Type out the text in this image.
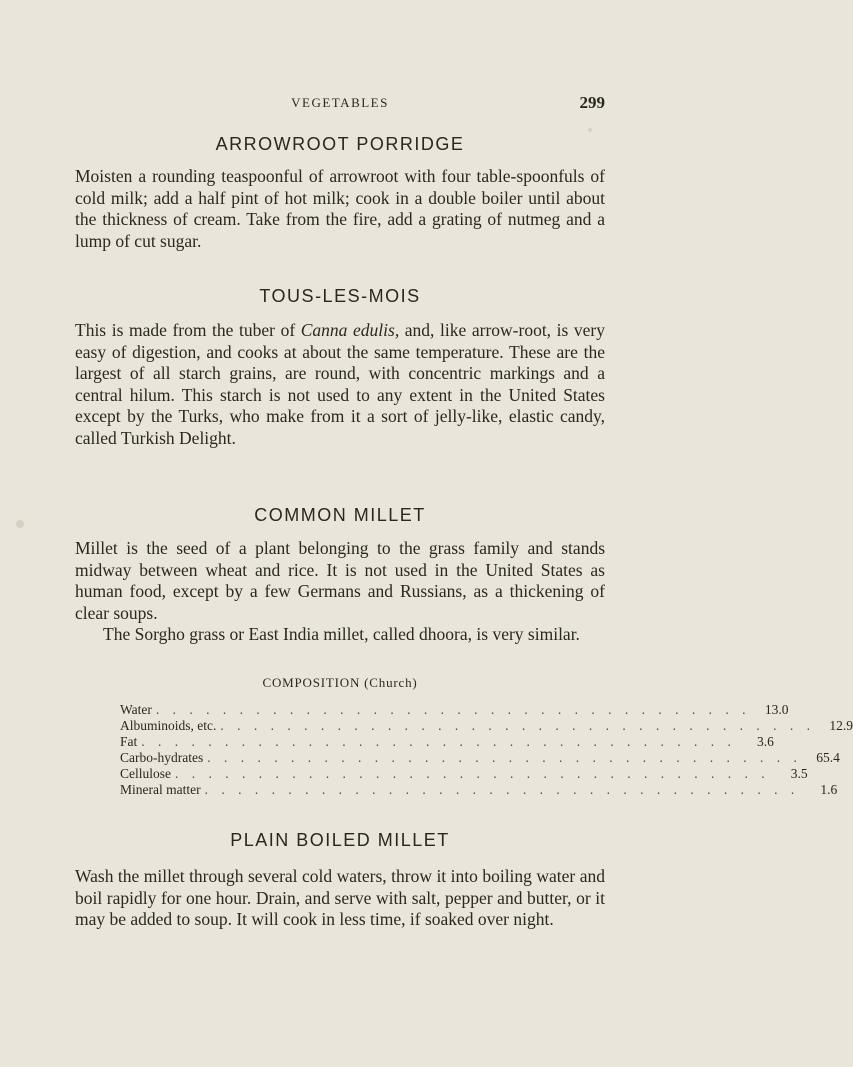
VEGETABLES	299
ARROWROOT PORRIDGE

Moisten a rounding teaspoonful of arrowroot with four table-spoonfuls of cold milk; add a half pint of hot milk; cook in a double boiler until about the thickness of cream. Take from the fire, add a grating of nutmeg and a lump of cut sugar.

TOUS-LES-MOIS

This is made from the tuber of Canna edulis, and, like arrow-root, is very easy of digestion, and cooks at about the same temperature. These are the largest of all starch grains, are round, with concentric markings and a central hilum. This starch is not used to any extent in the United States except by the Turks, who make from it a sort of jelly-like, elastic candy, called Turkish Delight.

COMMON MILLET

Millet is the seed of a plant belonging to the grass family and stands midway between wheat and rice. It is not used in the United States as human food, except by a few Germans and Russians, as a thickening of clear soups.

The Sorgho grass or East India millet, called dhoora, is very similar.

COMPOSITION (Church)
Water . . . . . . . . . . . . . . . . . . . . . . . . . . . . . . . . . . . .	13.0
Albuminoids, etc. . . . . . . . . . . . . . . . . . . . . . . . . . . . . . . . . . . . .	12.9
Fat . . . . . . . . . . . . . . . . . . . . . . . . . . . . . . . . . . . .	3.6
Carbo-hydrates . . . . . . . . . . . . . . . . . . . . . . . . . . . . . . . . . . . .	65.4
Cellulose . . . . . . . . . . . . . . . . . . . . . . . . . . . . . . . . . . . .	3.5
Mineral matter . . . . . . . . . . . . . . . . . . . . . . . . . . . . . . . . . . . .	1.6
PLAIN BOILED MILLET

Wash the millet through several cold waters, throw it into boiling water and boil rapidly for one hour. Drain, and serve with salt, pepper and butter, or it may be added to soup. It will cook in less time, if soaked over night.
